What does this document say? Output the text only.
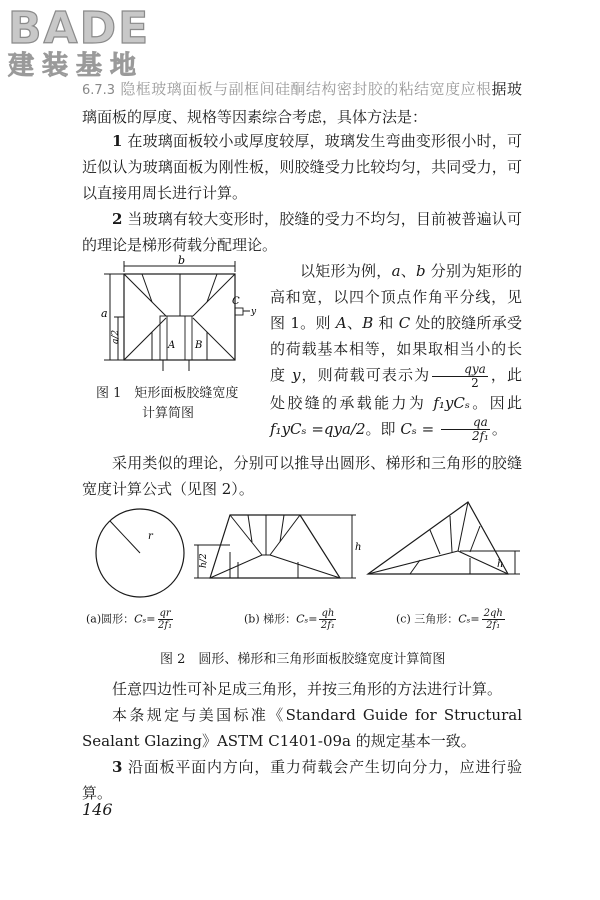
BADE
建装基地

6.7.3 隐框玻璃面板与副框间硅酮结构密封胶的粘结宽度应根据玻璃面板的厚度、规格等因素综合考虑，具体方法是：

1 在玻璃面板较小或厚度较厚，玻璃发生弯曲变形很小时，可近似认为玻璃面板为刚性板，则胶缝受力比较均匀，共同受力，可以直接用周长进行计算。

2 当玻璃有较大变形时，胶缝的受力不均匀，目前被普遍认可的理论是梯形荷载分配理论。

b
a
a/2
A B
C
y
图 1　矩形面板胶缝宽度
计算简图

以矩形为例，a、b 分别为矩形的高和宽，以四个顶点作角平分线，见图 1。则 A、B 和 C 处的胶缝所承受的荷载基本相等，如果取相当小的长度 y，则荷载可表示为 $\frac{\text{qya}}{2}$ ，此处胶缝的承载能力为 f₁yCₛ。因此 f₁yCₛ =qya/2。即 $C_s = \frac{qa}{\text{2f₁}}$ 。

采用类似的理论，分别可以推导出圆形、梯形和三角形的胶缝宽度计算公式（见图 2）。

r
h/2
h
h
(a)圆形：$C_s= \frac{qr}{\text{2f₁}}$	(b) 梯形：$C_s= \frac{qh}{\text{2f₁}}$	(c) 三角形：$C_s= \frac{2qh}{\text{2f₁}}$
图 2　圆形、梯形和三角形面板胶缝宽度计算简图

任意四边性可补足成三角形，并按三角形的方法进行计算。

本条规定与美国标准《Standard Guide for Structural Sealant Glazing》ASTM C1401-09a 的规定基本一致。

3 沿面板平面内方向，重力荷载会产生切向分力，应进行验算。

146
